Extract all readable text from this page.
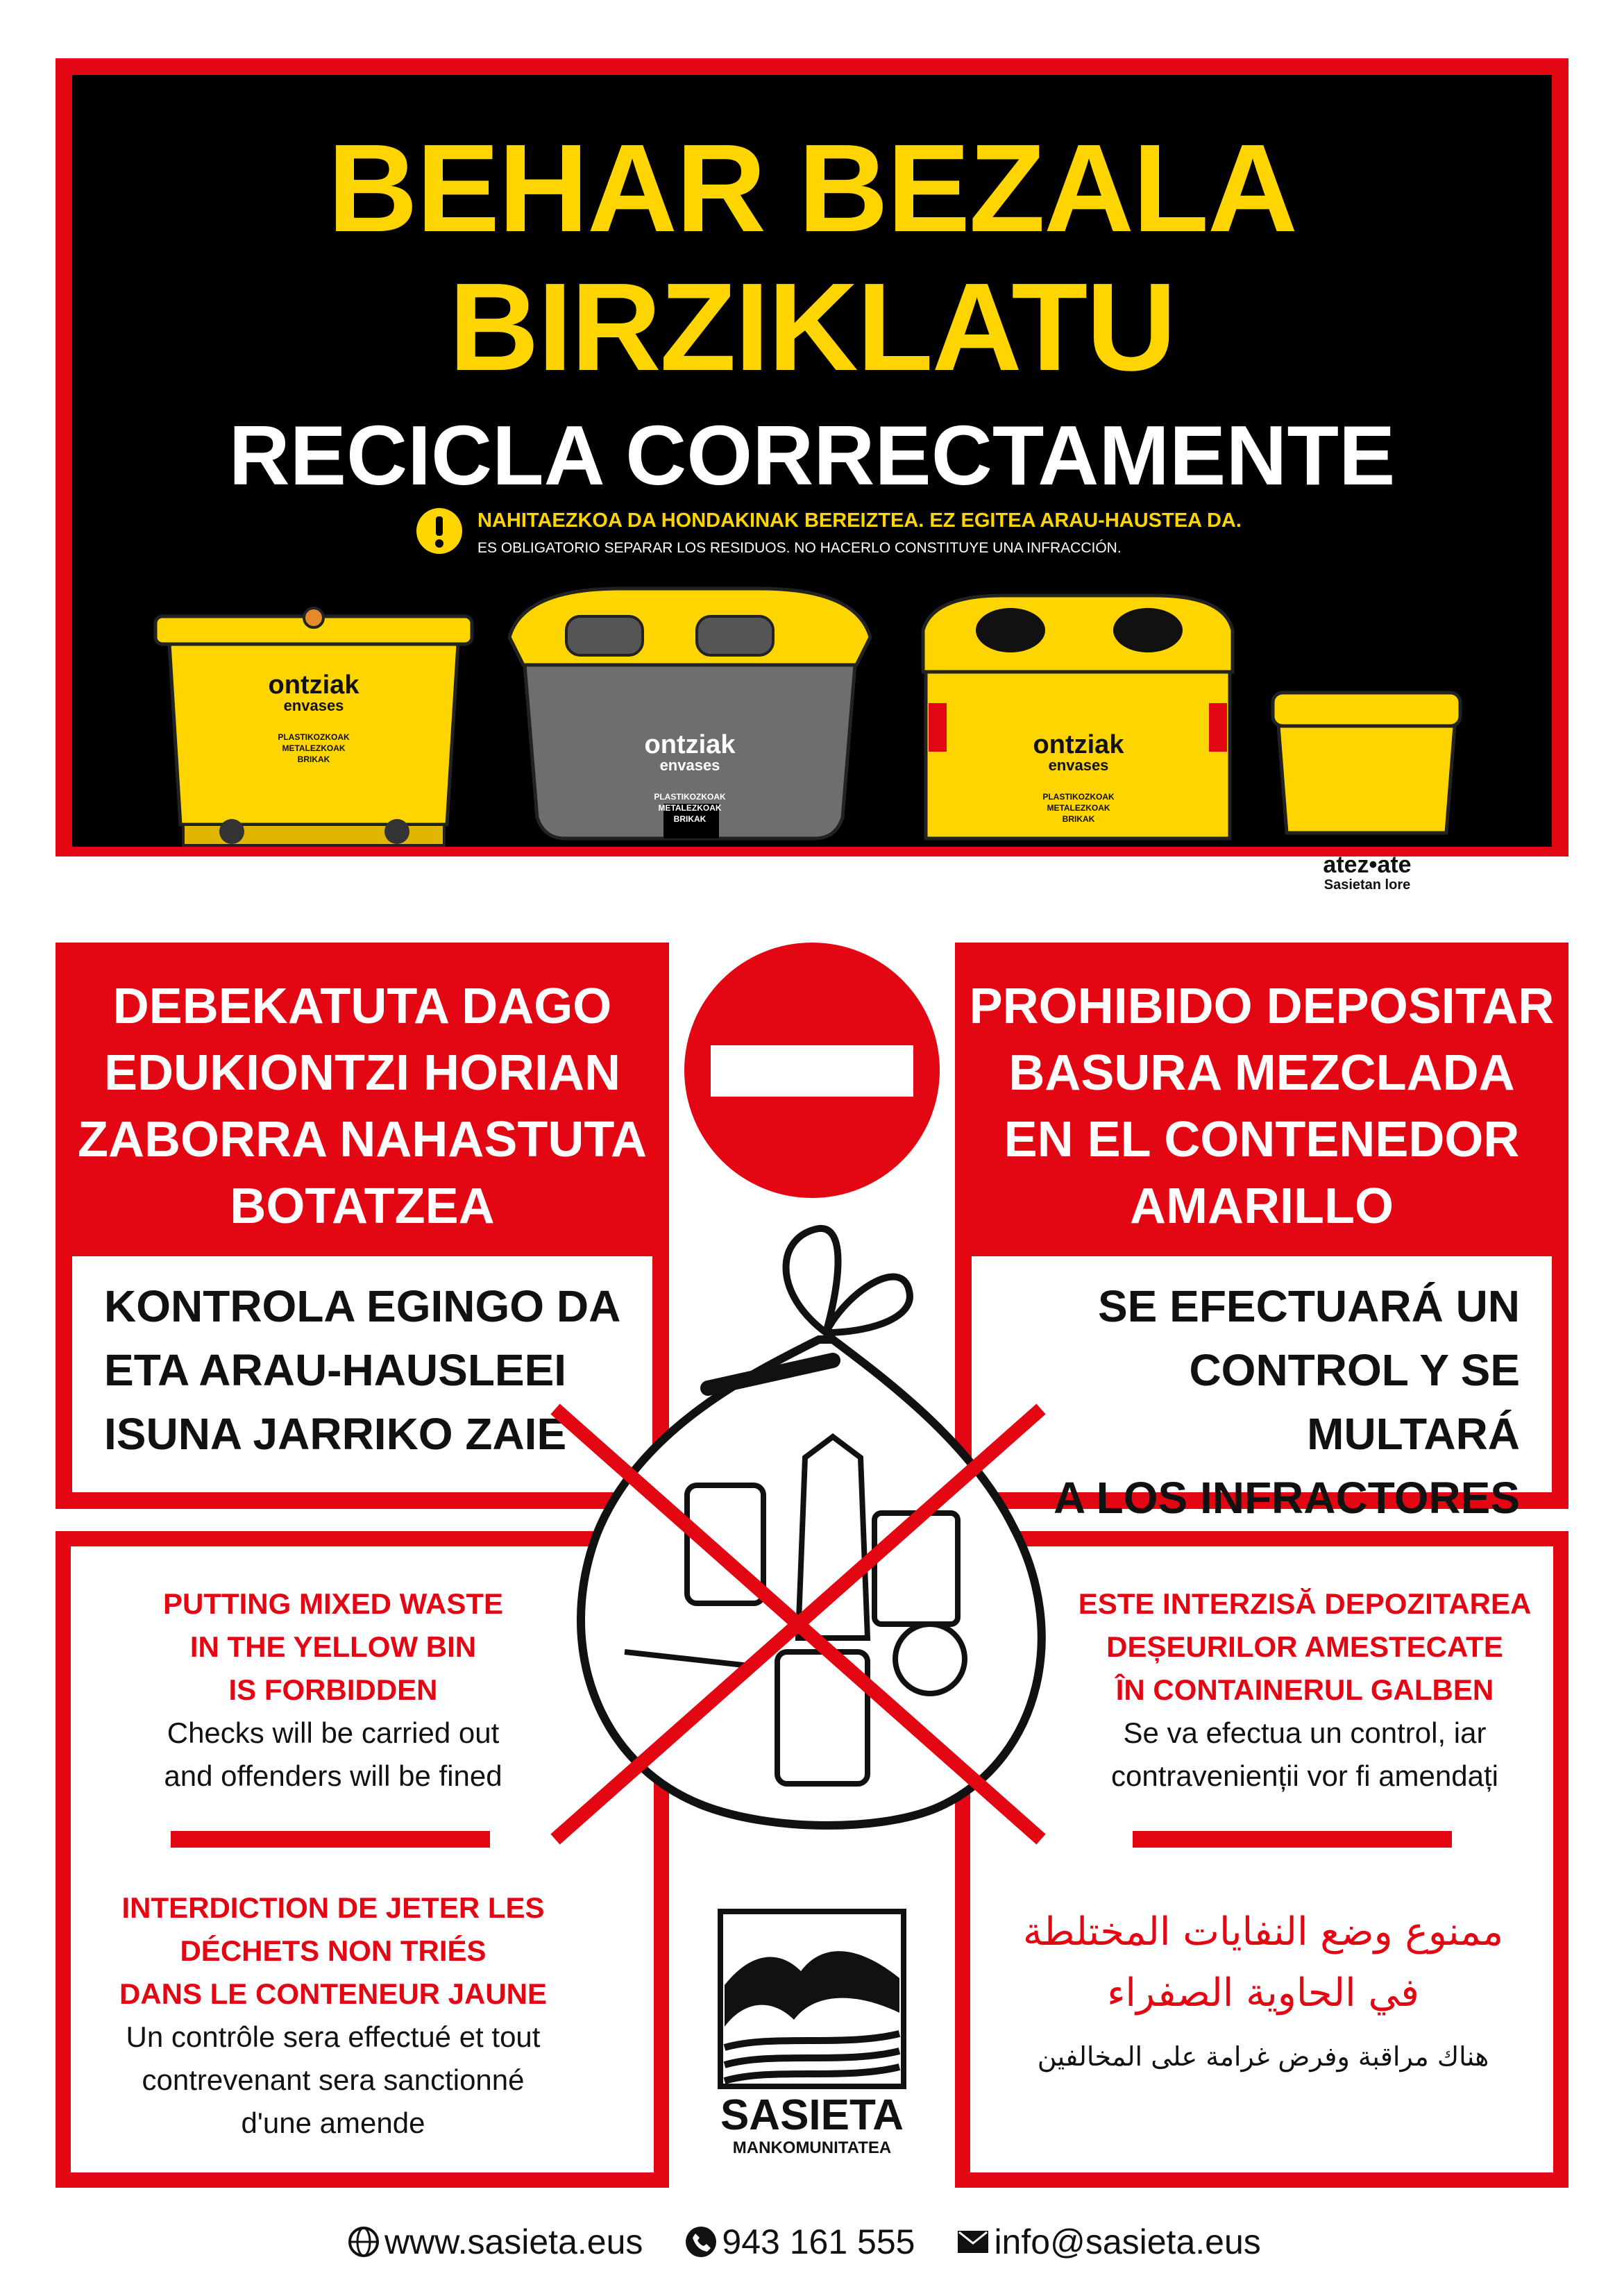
BEHAR BEZALA
BIRZIKLATU
RECICLA CORRECTAMENTE
NAHITAEZKOA DA HONDAKINAK BEREIZTEA. EZ EGITEA ARAU-HAUSTEA DA.
ES OBLIGATORIO SEPARAR LOS RESIDUOS. NO HACERLO CONSTITUYE UNA INFRACCIÓN.
ontziak
envases
PLASTIKOZKOAK
METALEZKOAK
BRIKAK	ontziak
envases
PLASTIKOZKOAK
METALEZKOAK
BRIKAK
ontziak
envases
PLASTIKOZKOAK
METALEZKOAK
BRIKAK
atez•ate
Sasietan lore
DEBEKATUTA DAGO
EDUKIONTZI HORIAN
ZABORRA NAHASTUTA
BOTATZEA
KONTROLA EGINGO DA
ETA ARAU-HAUSLEEI
ISUNA JARRIKO ZAIE
PROHIBIDO DEPOSITAR
BASURA MEZCLADA
EN EL CONTENEDOR
AMARILLO
SE EFECTUARÁ UN
CONTROL Y SE MULTARÁ
A LOS INFRACTORES
PUTTING MIXED WASTE
IN THE YELLOW BIN
IS FORBIDDEN
Checks will be carried out
and offenders will be fined
INTERDICTION DE JETER LES
DÉCHETS NON TRIÉS
DANS LE CONTENEUR JAUNE
Un contrôle sera effectué et tout
contrevenant sera sanctionné
d'une amende
ESTE INTERZISĂ DEPOZITAREA
DEȘEURILOR AMESTECATE
ÎN CONTAINERUL GALBEN
Se va efectua un control, iar
contravenienții vor fi amendați
ممنوع وضع النفايات المختلطة
في الحاوية الصفراء
هناك مراقبة وفرض غرامة على المخالفين
SASIETA
MANKOMUNITATEA
www.sasieta.eus 943 161 555 info@sasieta.eus
